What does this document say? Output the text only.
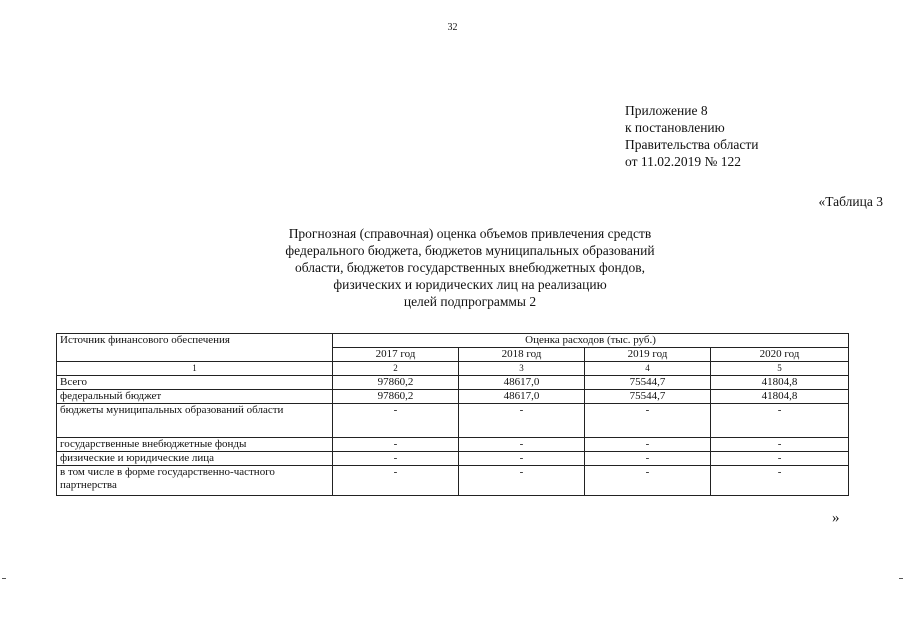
32
Приложение 8
к постановлению
Правительства области
от 11.02.2019 № 122
«Таблица 3
Прогнозная (справочная) оценка объемов привлечения средств
федерального бюджета, бюджетов муниципальных образований
области, бюджетов государственных внебюджетных фондов,
физических и юридических лиц на реализацию
целей подпрограммы 2
Источник финансового обеспечения	Оценка расходов (тыс. руб.)			
	2017 год	2018 год	2019 год	2020 год
1	2	3	4	5
Всего	97860,2	48617,0	75544,7	41804,8
федеральный бюджет	97860,2	48617,0	75544,7	41804,8
бюджеты муниципальных образований области	-	-	-	-
государственные внебюджетные фонды	-	-	-	-
физические и юридические лица	-	-	-	-
в том числе в форме государственно-частного партнерства	-	-	-	-
»
